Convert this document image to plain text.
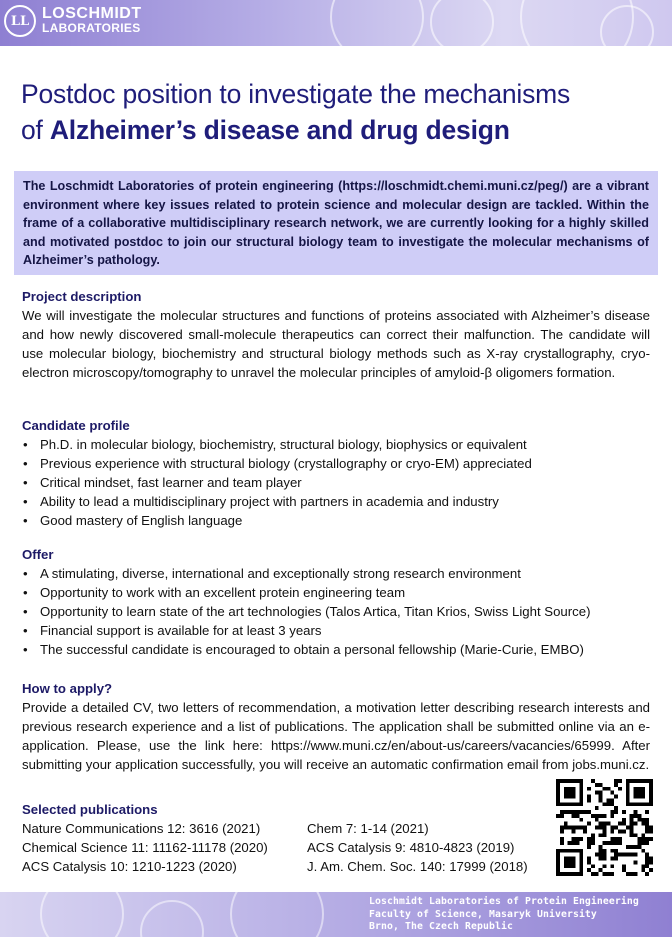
LL LOSCHMIDT
LABORATORIES
Postdoc position to investigate the mechanisms
of Alzheimer’s disease and drug design
The Loschmidt Laboratories of protein engineering (https://loschmidt.chemi.muni.cz/peg/) are a vibrant environment where key issues related to protein science and molecular design are tackled. Within the frame of a collaborative multidisciplinary research network, we are currently looking for a highly skilled and motivated postdoc to join our structural biology team to investigate the molecular mechanisms of Alzheimer’s pathology.
Project description

We will investigate the molecular structures and functions of proteins associated with Alzheimer’s disease and how newly discovered small-molecule therapeutics can correct their malfunction. The candidate will use molecular biology, biochemistry and structural biology methods such as X-ray crystallography, cryo-electron microscopy/tomography to unravel the molecular principles of amyloid-β oligomers formation.

Candidate profile
• Ph.D. in molecular biology, biochemistry, structural biology, biophysics or equivalent
• Previous experience with structural biology (crystallography or cryo-EM) appreciated
• Critical mindset, fast learner and team player
• Ability to lead a multidisciplinary project with partners in academia and industry
• Good mastery of English language
Offer
• A stimulating, diverse, international and exceptionally strong research environment
• Opportunity to work with an excellent protein engineering team
• Opportunity to learn state of the art technologies (Talos Artica, Titan Krios, Swiss Light Source)
• Financial support is available for at least 3 years
• The successful candidate is encouraged to obtain a personal fellowship (Marie-Curie, EMBO)
How to apply?

Provide a detailed CV, two letters of recommendation, a motivation letter describing research interests and previous research experience and a list of publications. The application shall be submitted online via an e-application. Please, use the link here: https://www.muni.cz/en/about-us/careers/vacancies/65999. After submitting your application successfully, you will receive an automatic confirmation email from jobs.muni.cz.

Selected publications
Nature Communications 12: 3616 (2021)	Chem 7: 1-14 (2021)
Chemical Science 11: 11162-11178 (2020)	ACS Catalysis 9: 4810-4823 (2019)
ACS Catalysis 10: 1210-1223 (2020)	J. Am. Chem. Soc. 140: 17999 (2018)
Loschmidt Laboratories of Protein Engineering
Faculty of Science, Masaryk University
Brno, The Czech Republic
